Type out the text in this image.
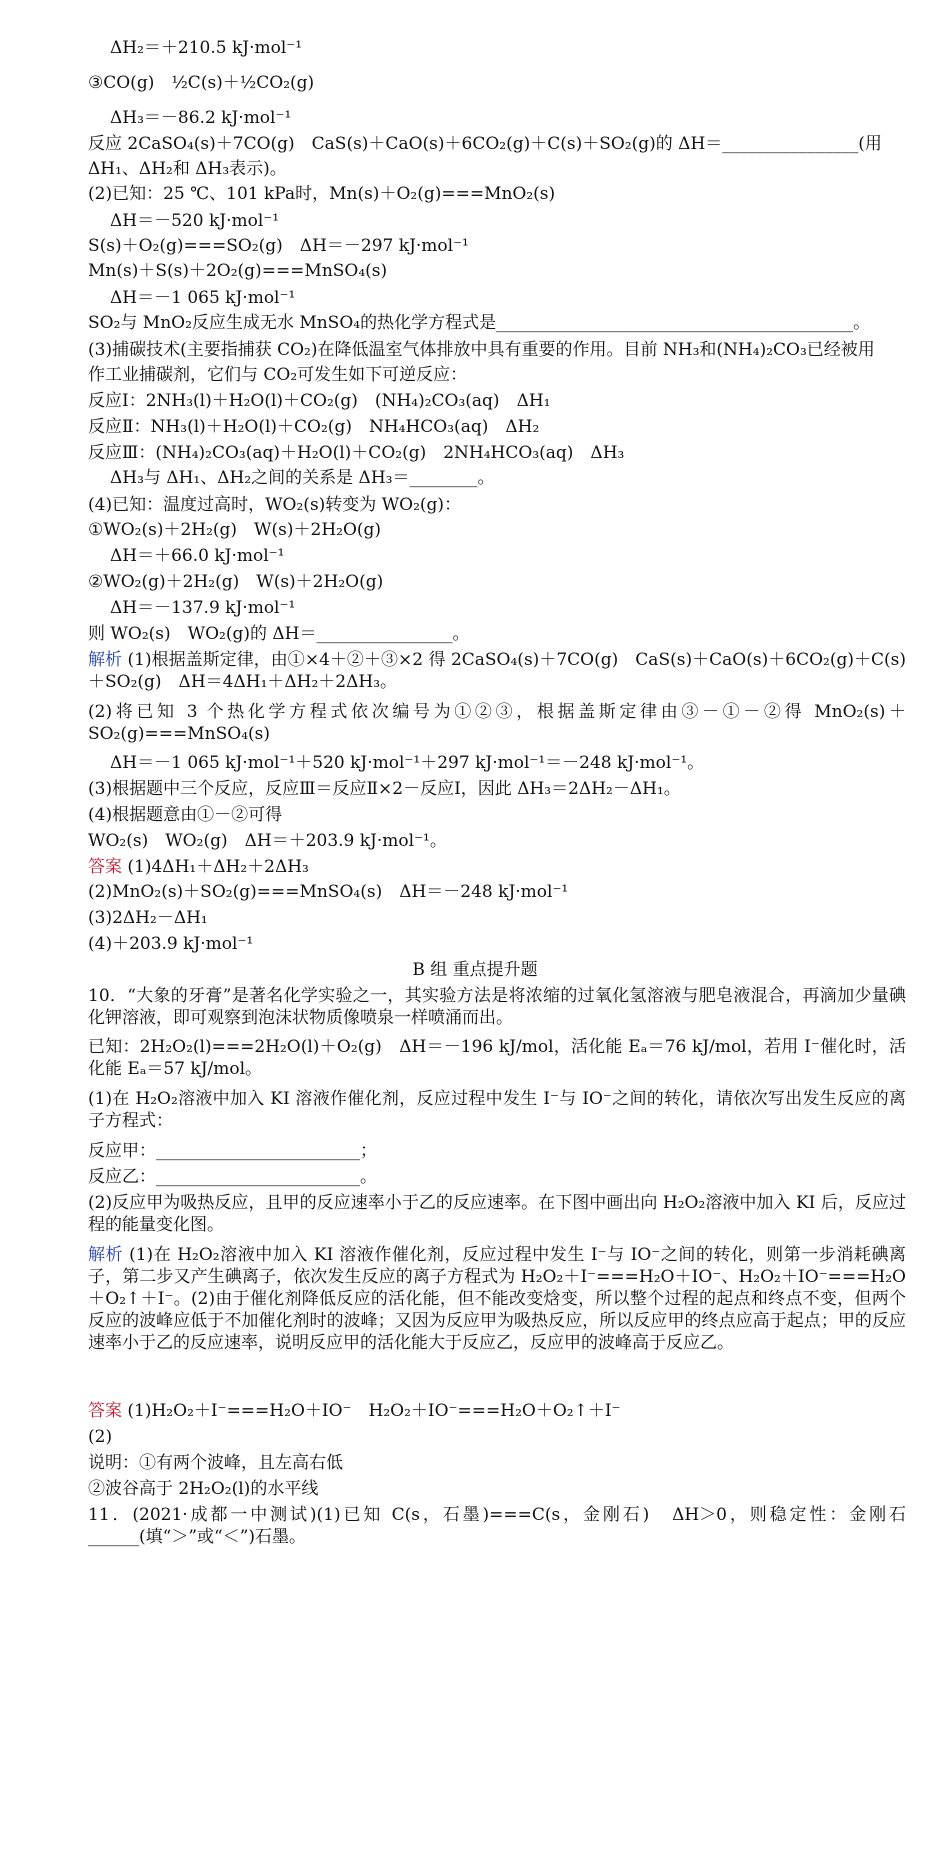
ΔH₂＝＋210.5 kJ·mol⁻¹
③CO(g)　½C(s)＋½CO₂(g)
ΔH₃＝－86.2 kJ·mol⁻¹
反应 2CaSO₄(s)＋7CO(g)　CaS(s)＋CaO(s)＋6CO₂(g)＋C(s)＋SO₂(g)的 ΔH＝________________(用
ΔH₁、ΔH₂和 ΔH₃表示)。
(2)已知：25 ℃、101 kPa时，Mn(s)＋O₂(g)===MnO₂(s)
ΔH＝－520 kJ·mol⁻¹
S(s)＋O₂(g)===SO₂(g)　ΔH＝－297 kJ·mol⁻¹
Mn(s)＋S(s)＋2O₂(g)===MnSO₄(s)
ΔH＝－1 065 kJ·mol⁻¹
SO₂与 MnO₂反应生成无水 MnSO₄的热化学方程式是__________________________________________。
(3)捕碳技术(主要指捕获 CO₂)在降低温室气体排放中具有重要的作用。目前 NH₃和(NH₄)₂CO₃已经被用
作工业捕碳剂，它们与 CO₂可发生如下可逆反应：
反应Ⅰ：2NH₃(l)＋H₂O(l)＋CO₂(g)　(NH₄)₂CO₃(aq)　ΔH₁
反应Ⅱ：NH₃(l)＋H₂O(l)＋CO₂(g)　NH₄HCO₃(aq)　ΔH₂
反应Ⅲ：(NH₄)₂CO₃(aq)＋H₂O(l)＋CO₂(g)　2NH₄HCO₃(aq)　ΔH₃
ΔH₃与 ΔH₁、ΔH₂之间的关系是 ΔH₃＝________。
(4)已知：温度过高时，WO₂(s)转变为 WO₂(g)：
①WO₂(s)＋2H₂(g)　W(s)＋2H₂O(g)
ΔH＝＋66.0 kJ·mol⁻¹
②WO₂(g)＋2H₂(g)　W(s)＋2H₂O(g)
ΔH＝－137.9 kJ·mol⁻¹
则 WO₂(s)　WO₂(g)的 ΔH＝________________。
解析 (1)根据盖斯定律，由①×4＋②＋③×2 得 2CaSO₄(s)＋7CO(g)　CaS(s)＋CaO(s)＋6CO₂(g)＋C(s)＋SO₂(g)　ΔH＝4ΔH₁＋ΔH₂＋2ΔH₃。
(2)将已知 3 个热化学方程式依次编号为①②③，根据盖斯定律由③－①－②得 MnO₂(s)＋SO₂(g)===MnSO₄(s)
ΔH＝－1 065 kJ·mol⁻¹＋520 kJ·mol⁻¹＋297 kJ·mol⁻¹＝－248 kJ·mol⁻¹。
(3)根据题中三个反应，反应Ⅲ＝反应Ⅱ×2－反应Ⅰ，因此 ΔH₃＝2ΔH₂－ΔH₁。
(4)根据题意由①－②可得
WO₂(s)　WO₂(g)　ΔH＝＋203.9 kJ·mol⁻¹。
答案 (1)4ΔH₁＋ΔH₂＋2ΔH₃
(2)MnO₂(s)＋SO₂(g)===MnSO₄(s)　ΔH＝－248 kJ·mol⁻¹
(3)2ΔH₂－ΔH₁
(4)＋203.9 kJ·mol⁻¹
B 组 重点提升题
10．“大象的牙膏”是著名化学实验之一，其实验方法是将浓缩的过氧化氢溶液与肥皂液混合，再滴加少量碘化钾溶液，即可观察到泡沫状物质像喷泉一样喷涌而出。
已知：2H₂O₂(l)===2H₂O(l)＋O₂(g)　ΔH＝－196 kJ/mol，活化能 Eₐ＝76 kJ/mol，若用 I⁻催化时，活化能 Eₐ＝57 kJ/mol。
(1)在 H₂O₂溶液中加入 KI 溶液作催化剂，反应过程中发生 I⁻与 IO⁻之间的转化，请依次写出发生反应的离子方程式：
反应甲：________________________；
反应乙：________________________。
(2)反应甲为吸热反应，且甲的反应速率小于乙的反应速率。在下图中画出向 H₂O₂溶液中加入 KI 后，反应过程的能量变化图。
解析 (1)在 H₂O₂溶液中加入 KI 溶液作催化剂，反应过程中发生 I⁻与 IO⁻之间的转化，则第一步消耗碘离子，第二步又产生碘离子，依次发生反应的离子方程式为 H₂O₂＋I⁻===H₂O＋IO⁻、H₂O₂＋IO⁻===H₂O＋O₂↑＋I⁻。(2)由于催化剂降低反应的活化能，但不能改变焓变，所以整个过程的起点和终点不变，但两个反应的波峰应低于不加催化剂时的波峰；又因为反应甲为吸热反应，所以反应甲的终点应高于起点；甲的反应速率小于乙的反应速率，说明反应甲的活化能大于反应乙，反应甲的波峰高于反应乙。
答案 (1)H₂O₂＋I⁻===H₂O＋IO⁻　H₂O₂＋IO⁻===H₂O＋O₂↑＋I⁻
(2)
说明：①有两个波峰，且左高右低
②波谷高于 2H₂O₂(l)的水平线
11．(2021·成都一中测试)(1)已知 C(s，石墨)===C(s，金刚石)　ΔH＞0，则稳定性：金刚石______(填“＞”或“＜”)石墨。
